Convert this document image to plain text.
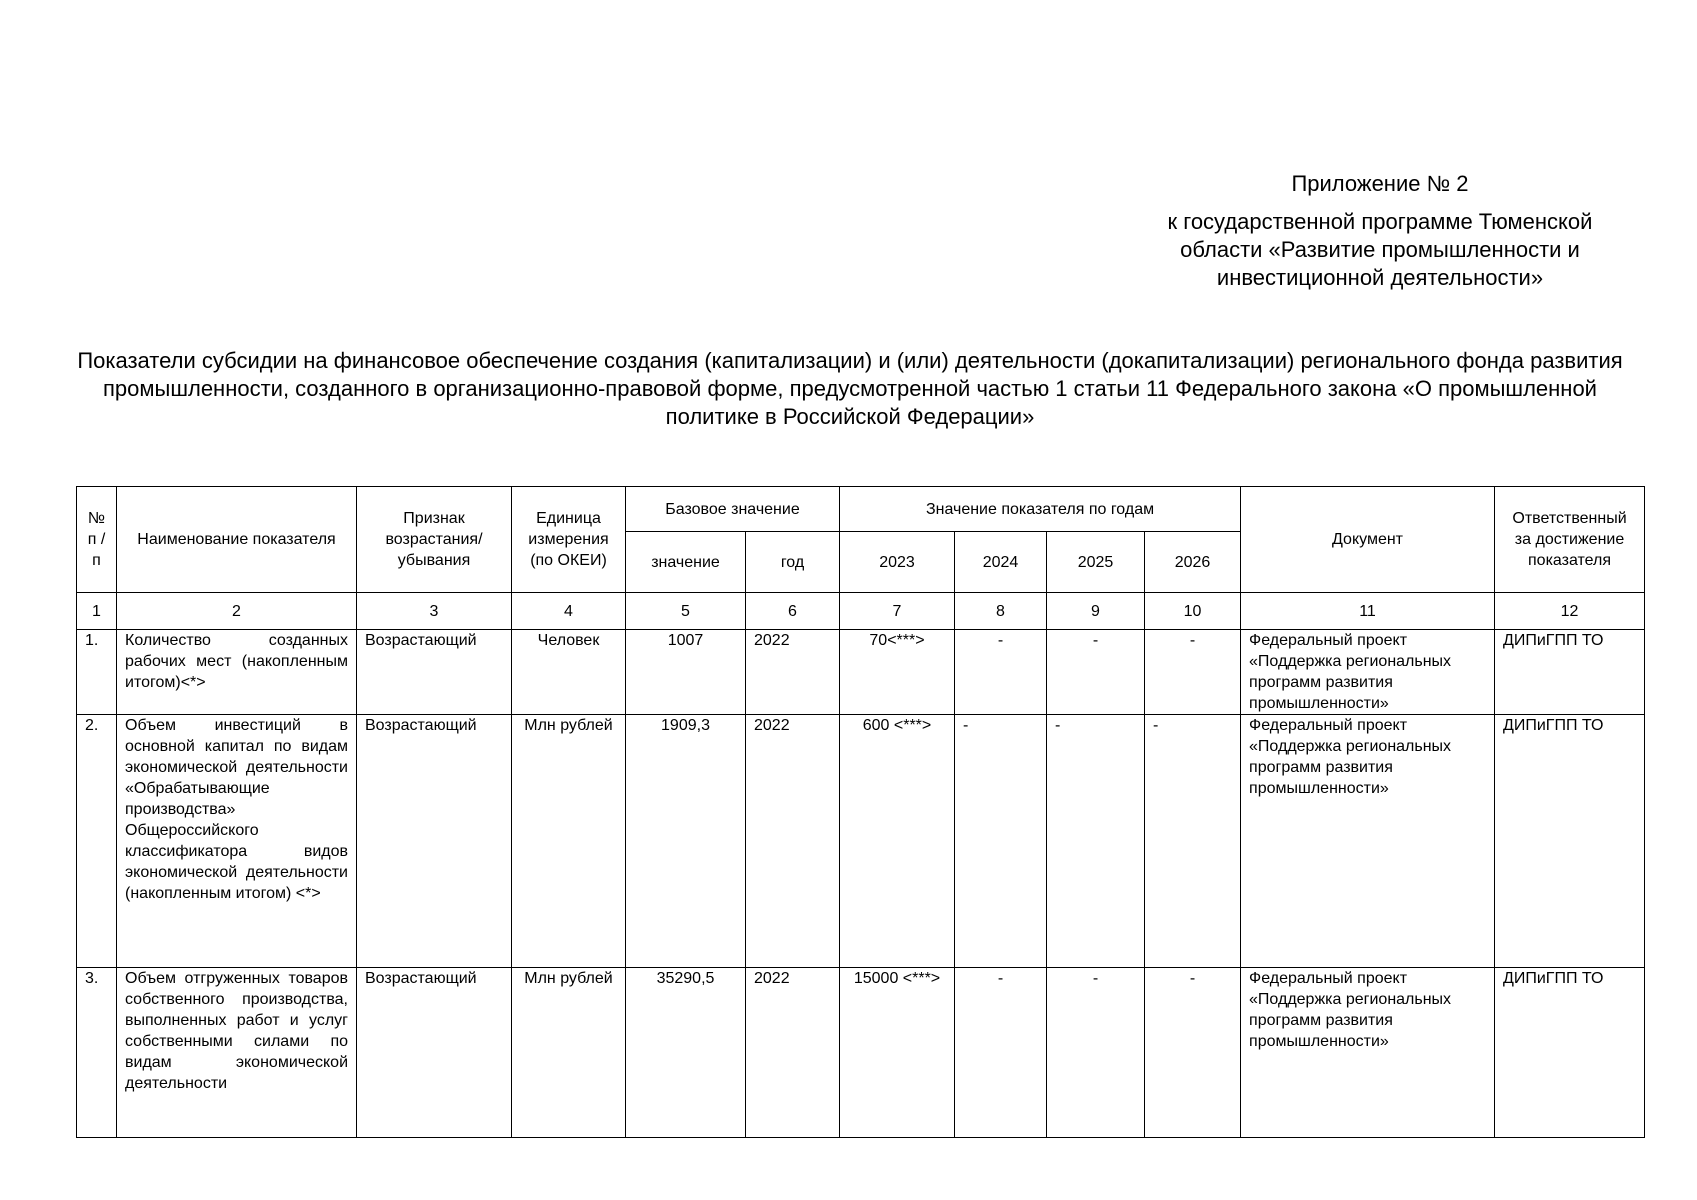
Приложение № 2
к государственной программе Тюменской области «Развитие промышленности и инвестиционной деятельности»
Показатели субсидии на финансовое обеспечение создания (капитализации) и (или) деятельности (докапитализации) регионального фонда развития промышленности, созданного в организационно-правовой форме, предусмотренной частью 1 статьи 11 Федерального закона «О промышленной политике в Российской Федерации»
№ п /п	Наименование показателя	Признак возрастания/ убывания	Единица измерения (по ОКЕИ)	Базовое значение		Значение показателя по годам				Документ	Ответственный за достижение показателя
				значение	год	2023	2024	2025	2026		
1	2	3	4	5	6	7	8	9	10	11	12
1.	Количество созданных рабочих мест (накопленным итогом)<*>	Возрастающий	Человек	1007	2022	70<***>	-	-	-	Федеральный проект «Поддержка региональных программ развития промышленности»	ДИПиГПП ТО
2.	Объем инвестиций в основной капитал по видам экономической деятельности «Обрабатывающие производства» Общероссийского классификатора видов экономической деятельности (накопленным итогом) <*>	Возрастающий	Млн рублей	1909,3	2022	600 <***>	-	-	-	Федеральный проект «Поддержка региональных программ развития промышленности»	ДИПиГПП ТО
3.	Объем отгруженных товаров собственного производства, выполненных работ и услуг собственными силами по видам экономической деятельности	Возрастающий	Млн рублей	35290,5	2022	15000 <***>	-	-	-	Федеральный проект «Поддержка региональных программ развития промышленности»	ДИПиГПП ТО
